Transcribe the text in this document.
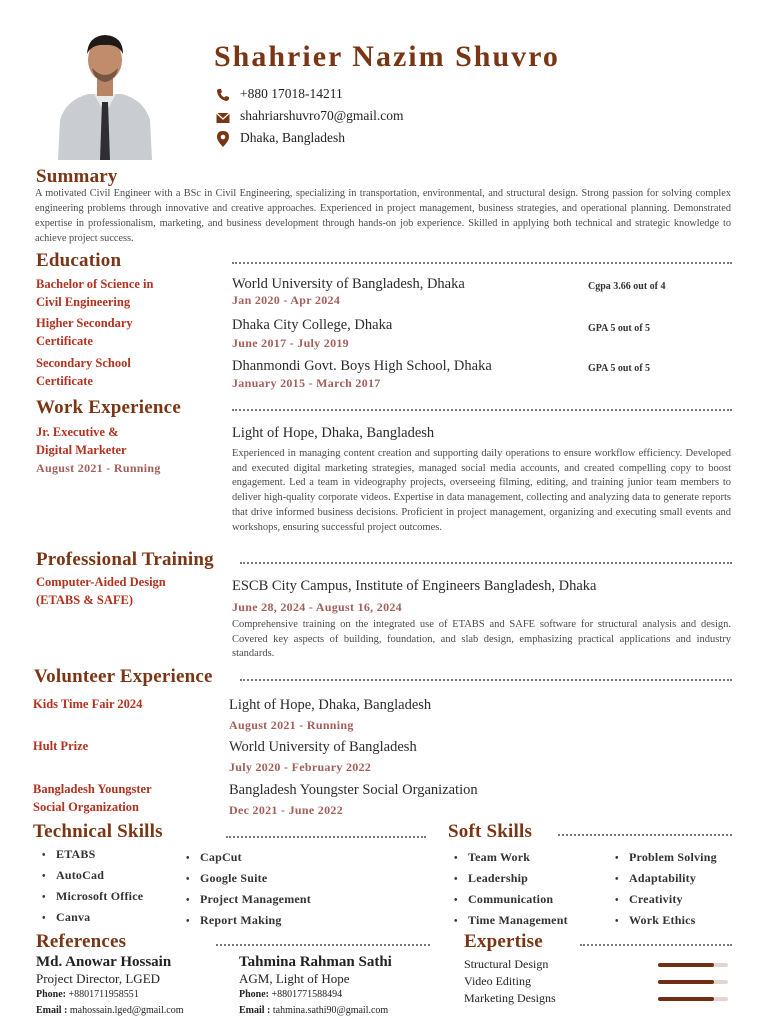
Shahrier Nazim Shuvro
+880 17018-14211
shahriarshuvro70@gmail.com
Dhaka, Bangladesh
Summary
A motivated Civil Engineer with a BSc in Civil Engineering, specializing in transportation, environmental, and structural design. Strong passion for solving complex engineering problems through innovative and creative approaches. Experienced in project management, business strategies, and operational planning. Demonstrated expertise in professionalism, marketing, and business development through hands-on job experience. Skilled in applying both technical and strategic knowledge to achieve project success.
Education
Bachelor of Science in
Civil Engineering
World University of Bangladesh, Dhaka
Jan 2020 - Apr 2024
Cgpa 3.66 out of 4
Higher Secondary
Certificate
Dhaka City College, Dhaka
June 2017 - July 2019
GPA 5 out of 5
Secondary School
Certificate
Dhanmondi Govt. Boys High School, Dhaka
January 2015 - March 2017
GPA 5 out of 5
Work Experience
Jr. Executive &
Digital Marketer
August 2021 - Running
Light of Hope, Dhaka, Bangladesh
Experienced in managing content creation and supporting daily operations to ensure workflow efficiency. Developed and executed digital marketing strategies, managed social media accounts, and created compelling copy to boost engagement. Led a team in videography projects, overseeing filming, editing, and training junior team members to deliver high-quality corporate videos. Expertise in data management, collecting and analyzing data to generate reports that drive informed business decisions. Proficient in project management, organizing and executing small events and workshops, ensuring successful project outcomes.
Professional Training
Computer-Aided Design
(ETABS & SAFE)
ESCB City Campus, Institute of Engineers Bangladesh, Dhaka
June 28, 2024 - August 16, 2024
Comprehensive training on the integrated use of ETABS and SAFE software for structural analysis and design. Covered key aspects of building, foundation, and slab design, emphasizing practical applications and industry standards.
Volunteer Experience
Kids Time Fair 2024	Light of Hope, Dhaka, Bangladesh
August 2021 - Running
Hult Prize	World University of Bangladesh
July 2020 - February 2022
Bangladesh Youngster
Social Organization
Bangladesh Youngster Social Organization
Dec 2021 - June 2022
Technical Skills
• ETABS
• AutoCad
• Microsoft Office
• Canva
• CapCut
• Google Suite
• Project Management
• Report Making
Soft Skills
• Team Work
• Leadership
• Communication
• Time Management
• Problem Solving
• Adaptability
• Creativity
• Work Ethics
References
Md. Anowar Hossain
Project Director, LGED
Phone: +8801711958551
Email : mahossain.lged@gmail.com
Tahmina Rahman Sathi
AGM, Light of Hope
Phone: +8801771588494
Email : tahmina.sathi90@gmail.com
Expertise
Structural Design
Video Editing
Marketing Designs
